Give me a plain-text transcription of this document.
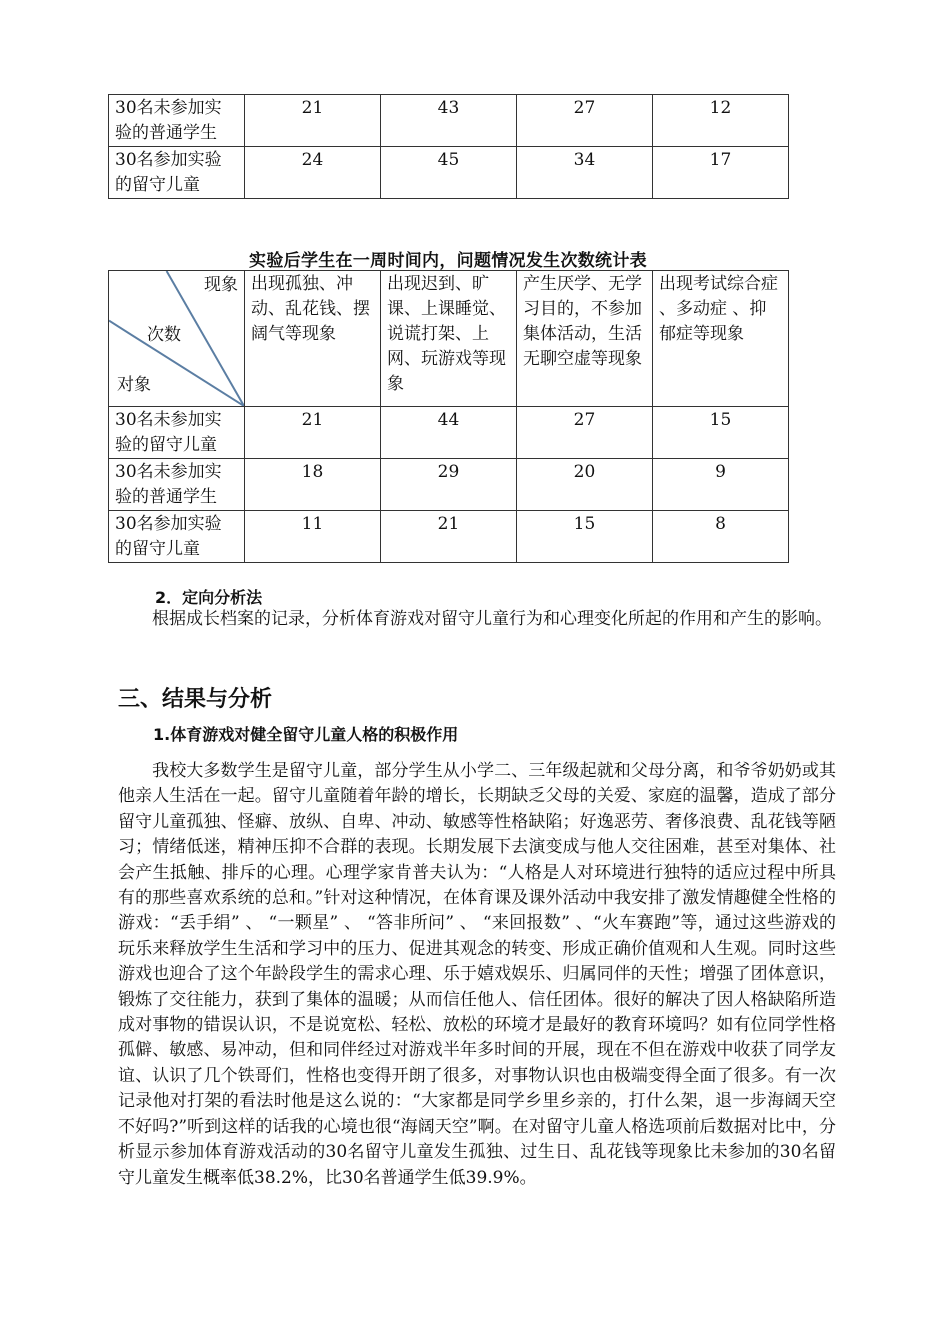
30名未参加实验的普通学生	21	43	27	12
30名参加实验的留守儿童	24	45	34	17
实验后学生在一周时间内，问题情况发生次数统计表
现象
次数
对象	出现孤独、冲动、乱花钱、摆阔气等现象	出现迟到、旷课、上课睡觉、说谎打架、上网、玩游戏等现象	产生厌学、无学习目的，不参加集体活动，生活无聊空虚等现象	出现考试综合症 、多动症 、抑郁症等现象
30名未参加实验的留守儿童	21	44	27	15
30名未参加实验的普通学生	18	29	20	9
30名参加实验的留守儿童	11	21	15	8
2．定向分析法
根据成长档案的记录，分析体育游戏对留守儿童行为和心理变化所起的作用和产生的影响。
三、结果与分析
1.体育游戏对健全留守儿童人格的积极作用
我校大多数学生是留守儿童，部分学生从小学二、三年级起就和父母分离，和爷爷奶奶或其他亲人生活在一起。留守儿童随着年龄的增长，长期缺乏父母的关爱、家庭的温馨，造成了部分留守儿童孤独、怪癖、放纵、自卑、冲动、敏感等性格缺陷；好逸恶劳、奢侈浪费、乱花钱等陋习；情绪低迷，精神压抑不合群的表现。长期发展下去演变成与他人交往困难，甚至对集体、社会产生抵触、排斥的心理。心理学家肯普夫认为：“人格是人对环境进行独特的适应过程中所具有的那些喜欢系统的总和。”针对这种情况，在体育课及课外活动中我安排了激发情趣健全性格的游戏：“丢手绢” 、 “一颗星” 、 “答非所问” 、 “来回报数” 、“火车赛跑”等，通过这些游戏的玩乐来释放学生生活和学习中的压力、促进其观念的转变、形成正确价值观和人生观。同时这些游戏也迎合了这个年龄段学生的需求心理、乐于嬉戏娱乐、归属同伴的天性；增强了团体意识，锻炼了交往能力，获到了集体的温暖；从而信任他人、信任团体。很好的解决了因人格缺陷所造成对事物的错误认识，不是说宽松、轻松、放松的环境才是最好的教育环境吗？如有位同学性格孤僻、敏感、易冲动，但和同伴经过对游戏半年多时间的开展，现在不但在游戏中收获了同学友谊、认识了几个铁哥们，性格也变得开朗了很多，对事物认识也由极端变得全面了很多。有一次记录他对打架的看法时他是这么说的：“大家都是同学乡里乡亲的，打什么架，退一步海阔天空不好吗?”听到这样的话我的心境也很“海阔天空”啊。在对留守儿童人格选项前后数据对比中，分析显示参加体育游戏活动的30名留守儿童发生孤独、过生日、乱花钱等现象比未参加的30名留守儿童发生概率低38.2%，比30名普通学生低39.9%。
